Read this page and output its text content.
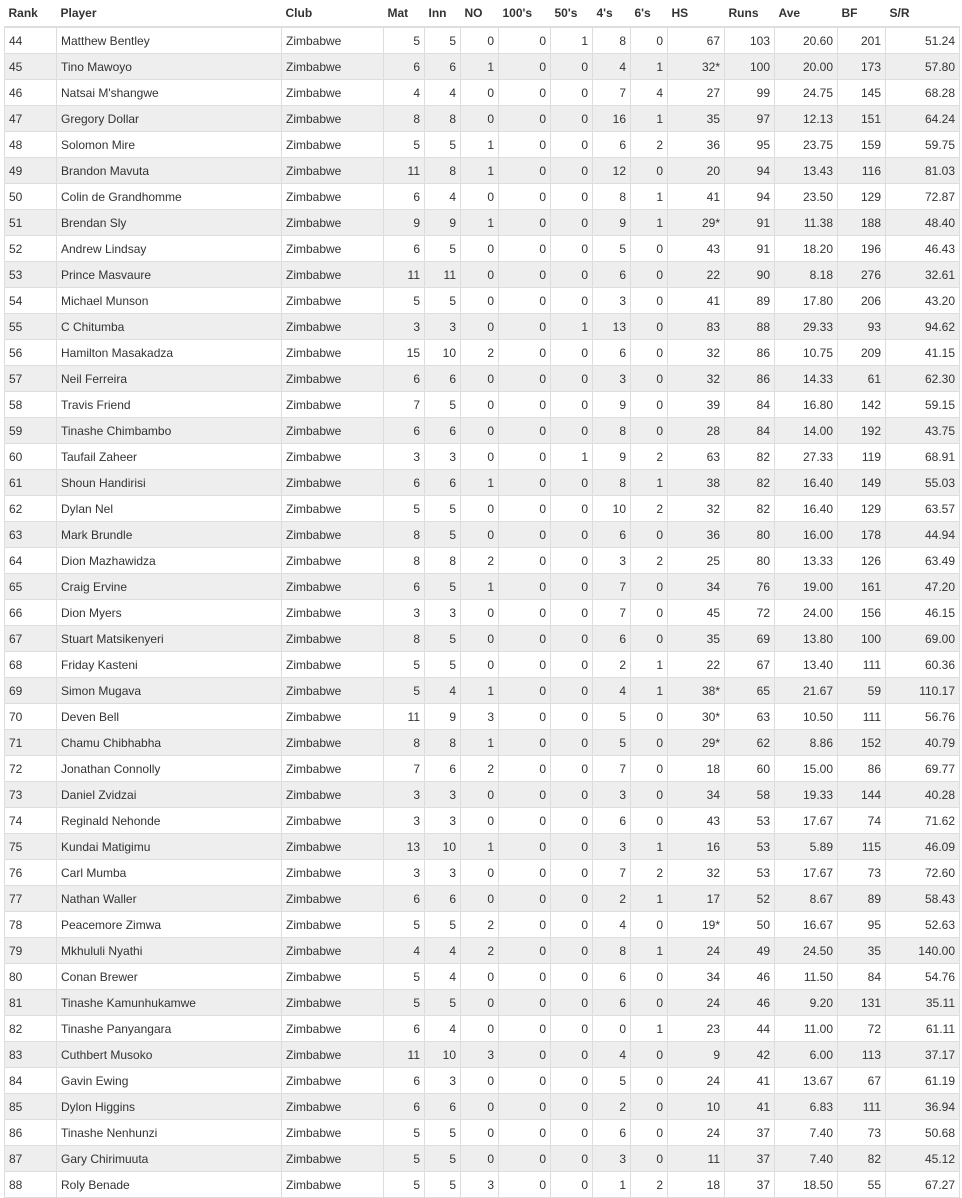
Rank	Player	Club	Mat	Inn	NO	100's	50's	4's	6's	HS	Runs	Ave	BF	S/R
44	Matthew Bentley	Zimbabwe	5	5	0	0	1	8	0	67	103	20.60	201	51.24
45	Tino Mawoyo	Zimbabwe	6	6	1	0	0	4	1	32*	100	20.00	173	57.80
46	Natsai M'shangwe	Zimbabwe	4	4	0	0	0	7	4	27	99	24.75	145	68.28
47	Gregory Dollar	Zimbabwe	8	8	0	0	0	16	1	35	97	12.13	151	64.24
48	Solomon Mire	Zimbabwe	5	5	1	0	0	6	2	36	95	23.75	159	59.75
49	Brandon Mavuta	Zimbabwe	11	8	1	0	0	12	0	20	94	13.43	116	81.03
50	Colin de Grandhomme	Zimbabwe	6	4	0	0	0	8	1	41	94	23.50	129	72.87
51	Brendan Sly	Zimbabwe	9	9	1	0	0	9	1	29*	91	11.38	188	48.40
52	Andrew Lindsay	Zimbabwe	6	5	0	0	0	5	0	43	91	18.20	196	46.43
53	Prince Masvaure	Zimbabwe	11	11	0	0	0	6	0	22	90	8.18	276	32.61
54	Michael Munson	Zimbabwe	5	5	0	0	0	3	0	41	89	17.80	206	43.20
55	C Chitumba	Zimbabwe	3	3	0	0	1	13	0	83	88	29.33	93	94.62
56	Hamilton Masakadza	Zimbabwe	15	10	2	0	0	6	0	32	86	10.75	209	41.15
57	Neil Ferreira	Zimbabwe	6	6	0	0	0	3	0	32	86	14.33	61	62.30
58	Travis Friend	Zimbabwe	7	5	0	0	0	9	0	39	84	16.80	142	59.15
59	Tinashe Chimbambo	Zimbabwe	6	6	0	0	0	8	0	28	84	14.00	192	43.75
60	Taufail Zaheer	Zimbabwe	3	3	0	0	1	9	2	63	82	27.33	119	68.91
61	Shoun Handirisi	Zimbabwe	6	6	1	0	0	8	1	38	82	16.40	149	55.03
62	Dylan Nel	Zimbabwe	5	5	0	0	0	10	2	32	82	16.40	129	63.57
63	Mark Brundle	Zimbabwe	8	5	0	0	0	6	0	36	80	16.00	178	44.94
64	Dion Mazhawidza	Zimbabwe	8	8	2	0	0	3	2	25	80	13.33	126	63.49
65	Craig Ervine	Zimbabwe	6	5	1	0	0	7	0	34	76	19.00	161	47.20
66	Dion Myers	Zimbabwe	3	3	0	0	0	7	0	45	72	24.00	156	46.15
67	Stuart Matsikenyeri	Zimbabwe	8	5	0	0	0	6	0	35	69	13.80	100	69.00
68	Friday Kasteni	Zimbabwe	5	5	0	0	0	2	1	22	67	13.40	111	60.36
69	Simon Mugava	Zimbabwe	5	4	1	0	0	4	1	38*	65	21.67	59	110.17
70	Deven Bell	Zimbabwe	11	9	3	0	0	5	0	30*	63	10.50	111	56.76
71	Chamu Chibhabha	Zimbabwe	8	8	1	0	0	5	0	29*	62	8.86	152	40.79
72	Jonathan Connolly	Zimbabwe	7	6	2	0	0	7	0	18	60	15.00	86	69.77
73	Daniel Zvidzai	Zimbabwe	3	3	0	0	0	3	0	34	58	19.33	144	40.28
74	Reginald Nehonde	Zimbabwe	3	3	0	0	0	6	0	43	53	17.67	74	71.62
75	Kundai Matigimu	Zimbabwe	13	10	1	0	0	3	1	16	53	5.89	115	46.09
76	Carl Mumba	Zimbabwe	3	3	0	0	0	7	2	32	53	17.67	73	72.60
77	Nathan Waller	Zimbabwe	6	6	0	0	0	2	1	17	52	8.67	89	58.43
78	Peacemore Zimwa	Zimbabwe	5	5	2	0	0	4	0	19*	50	16.67	95	52.63
79	Mkhululi Nyathi	Zimbabwe	4	4	2	0	0	8	1	24	49	24.50	35	140.00
80	Conan Brewer	Zimbabwe	5	4	0	0	0	6	0	34	46	11.50	84	54.76
81	Tinashe Kamunhukamwe	Zimbabwe	5	5	0	0	0	6	0	24	46	9.20	131	35.11
82	Tinashe Panyangara	Zimbabwe	6	4	0	0	0	0	1	23	44	11.00	72	61.11
83	Cuthbert Musoko	Zimbabwe	11	10	3	0	0	4	0	9	42	6.00	113	37.17
84	Gavin Ewing	Zimbabwe	6	3	0	0	0	5	0	24	41	13.67	67	61.19
85	Dylon Higgins	Zimbabwe	6	6	0	0	0	2	0	10	41	6.83	111	36.94
86	Tinashe Nenhunzi	Zimbabwe	5	5	0	0	0	6	0	24	37	7.40	73	50.68
87	Gary Chirimuuta	Zimbabwe	5	5	0	0	0	3	0	11	37	7.40	82	45.12
88	Roly Benade	Zimbabwe	5	5	3	0	0	1	2	18	37	18.50	55	67.27
